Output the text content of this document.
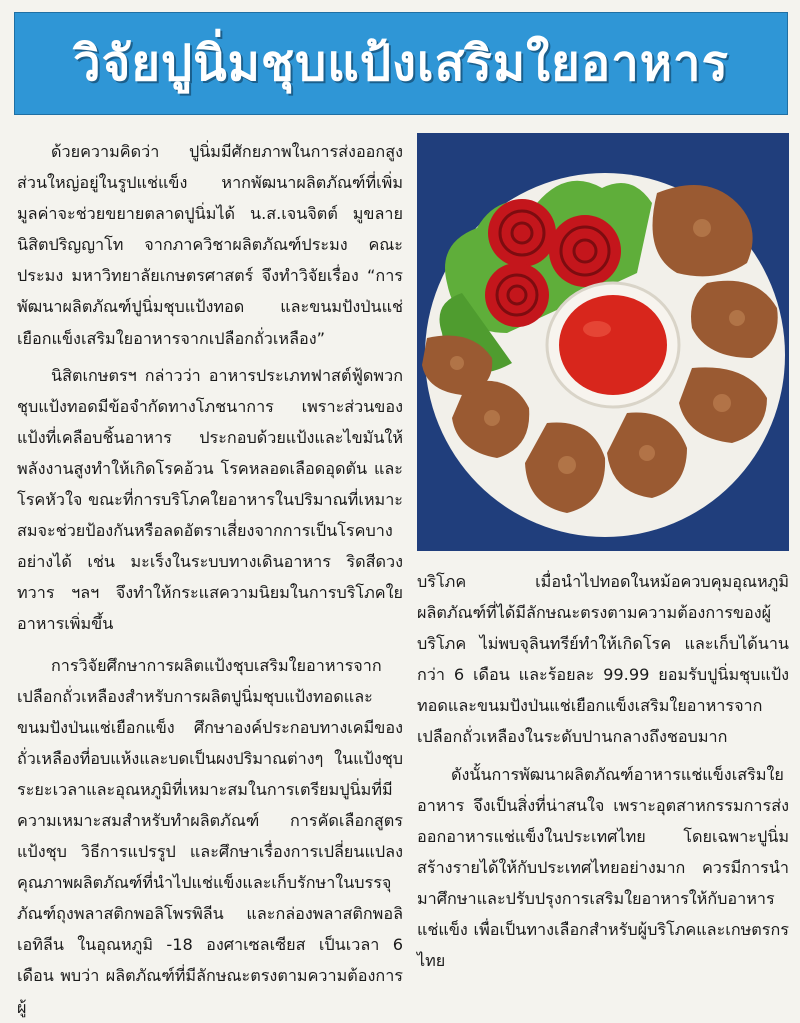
วิจัยปูนิ่มชุบแป้งเสริมใยอาหาร

ด้วยความคิดว่า ปูนิ่มมีศักยภาพในการส่งออกสูง ส่วนใหญ่อยู่ในรูปแช่แข็ง หากพัฒนาผลิตภัณฑ์ที่เพิ่มมูลค่าจะช่วยขยายตลาดปูนิ่มได้ น.ส.เจนจิตต์ มูขลาย นิสิตปริญญาโท จากภาควิชาผลิตภัณฑ์ประมง คณะประมง มหาวิทยาลัยเกษตรศาสตร์ จึงทำวิจัยเรื่อง “การพัฒนาผลิตภัณฑ์ปูนิ่มชุบแป้งทอด และขนมปังป่นแช่เยือกแข็งเสริมใยอาหารจากเปลือกถั่วเหลือง”

นิสิตเกษตรฯ กล่าวว่า อาหารประเภทฟาสต์ฟู้ดพวกชุบแป้งทอดมีข้อจำกัดทางโภชนาการ เพราะส่วนของแป้งที่เคลือบชิ้นอาหาร ประกอบด้วยแป้งและไขมันให้พลังงานสูงทำให้เกิดโรคอ้วน โรคหลอดเลือดอุดตัน และโรคหัวใจ ขณะที่การบริโภคใยอาหารในปริมาณที่เหมาะสมจะช่วยป้องกันหรือลดอัตราเสี่ยงจากการเป็นโรคบางอย่างได้ เช่น มะเร็งในระบบทางเดินอาหาร ริดสีดวงทวาร ฯลฯ จึงทำให้กระแสความนิยมในการบริโภคใยอาหารเพิ่มขึ้น

การวิจัยศึกษาการผลิตแป้งชุบเสริมใยอาหารจากเปลือกถั่วเหลืองสำหรับการผลิตปูนิ่มชุบแป้งทอดและขนมปังป่นแช่เยือกแข็ง ศึกษาองค์ประกอบทางเคมีของถั่วเหลืองที่อบแห้งและบดเป็นผงปริมาณต่างๆ ในแป้งชุบ ระยะเวลาและอุณหภูมิที่เหมาะสมในการเตรียมปูนิ่มที่มีความเหมาะสมสำหรับทำผลิตภัณฑ์ การคัดเลือกสูตรแป้งชุบ วิธีการแปรรูป และศึกษาเรื่องการเปลี่ยนแปลงคุณภาพผลิตภัณฑ์ที่นำไปแช่แข็งและเก็บรักษาในบรรจุภัณฑ์ถุงพลาสติกพอลิโพรพิลีน และกล่องพลาสติกพอลิเอทิลีน ในอุณหภูมิ -18 องศาเซลเซียส เป็นเวลา 6 เดือน พบว่า ผลิตภัณฑ์ที่มีลักษณะตรงตามความต้องการผู้

บริโภค เมื่อนำไปทอดในหม้อควบคุมอุณหภูมิ ผลิตภัณฑ์ที่ได้มีลักษณะตรงตามความต้องการของผู้บริโภค ไม่พบจุลินทรีย์ทำให้เกิดโรค และเก็บได้นานกว่า 6 เดือน และร้อยละ 99.99 ยอมรับปูนิ่มชุบแป้งทอดและขนมปังป่นแช่เยือกแข็งเสริมใยอาหารจากเปลือกถั่วเหลืองในระดับปานกลางถึงชอบมาก

ดังนั้นการพัฒนาผลิตภัณฑ์อาหารแช่แข็งเสริมใยอาหาร จึงเป็นสิ่งที่น่าสนใจ เพราะอุตสาหกรรมการส่งออกอาหารแช่แข็งในประเทศไทย โดยเฉพาะปูนิ่มสร้างรายได้ให้กับประเทศไทยอย่างมาก ควรมีการนำมาศึกษาและปรับปรุงการเสริมใยอาหารให้กับอาหารแช่แข็ง เพื่อเป็นทางเลือกสำหรับผู้บริโภคและเกษตรกรไทย
